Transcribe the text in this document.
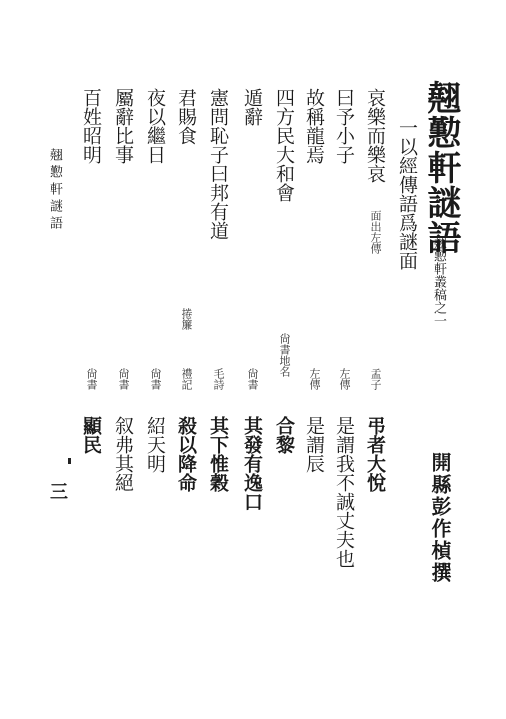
翹懃軒謎語
翹懃軒叢稿之一
開縣彭作楨撰
一以經傳語爲謎面
哀樂而樂哀
面出左傳
孟子
弔者大悅
曰予小子
左傳
是謂我不誠丈夫也
故稱龍焉
左傳
是謂辰
四方民大和會
尙書地名
合黎
遁辭
尙書
其發有逸口
憲問恥子曰邦有道
毛詩
其下惟穀
君賜食
捲簾
禮記
殺以降命
夜以繼日
尙書
紹天明
屬辭比事
尙書
叙弗其絕
百姓昭明
尙書
顯民
翹懃軒謎語
三
